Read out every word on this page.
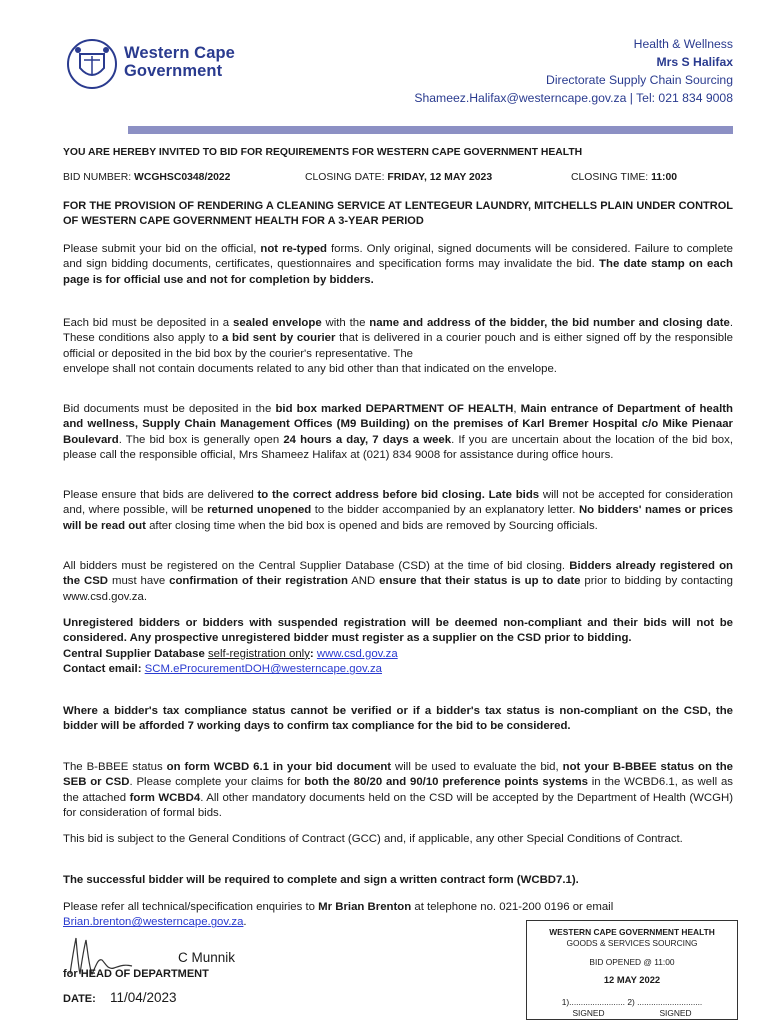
Western Cape
Government
Health & Wellness
Mrs S Halifax
Directorate Supply Chain Sourcing
Shameez.Halifax@westerncape.gov.za | Tel: 021 834 9008
YOU ARE HEREBY INVITED TO BID FOR REQUIREMENTS FOR WESTERN CAPE GOVERNMENT HEALTH
BID NUMBER: WCGHSC0348/2022	CLOSING DATE: FRIDAY, 12 MAY 2023	CLOSING TIME: 11:00
FOR THE PROVISION OF RENDERING A CLEANING SERVICE AT LENTEGEUR LAUNDRY, MITCHELLS PLAIN UNDER CONTROL OF WESTERN CAPE GOVERNMENT HEALTH FOR A 3-YEAR PERIOD
Please submit your bid on the official, not re-typed forms. Only original, signed documents will be considered. Failure to complete and sign bidding documents, certificates, questionnaires and specification forms may invalidate the bid. The date stamp on each page is for official use and not for completion by bidders.
Each bid must be deposited in a sealed envelope with the name and address of the bidder, the bid number and closing date. These conditions also apply to a bid sent by courier that is delivered in a courier pouch and is either signed off by the responsible official or deposited in the bid box by the courier's representative. The
envelope shall not contain documents related to any bid other than that indicated on the envelope.
Bid documents must be deposited in the bid box marked DEPARTMENT OF HEALTH, Main entrance of Department of health and wellness, Supply Chain Management Offices (M9 Building) on the premises of Karl Bremer Hospital c/o Mike Pienaar Boulevard. The bid box is generally open 24 hours a day, 7 days a week. If you are uncertain about the location of the bid box, please call the responsible official, Mrs Shameez Halifax at (021) 834 9008 for assistance during office hours.
Please ensure that bids are delivered to the correct address before bid closing. Late bids will not be accepted for consideration and, where possible, will be returned unopened to the bidder accompanied by an explanatory letter. No bidders' names or prices will be read out after closing time when the bid box is opened and bids are removed by Sourcing officials.
All bidders must be registered on the Central Supplier Database (CSD) at the time of bid closing. Bidders already registered on the CSD must have confirmation of their registration AND ensure that their status is up to date prior to bidding by contacting www.csd.gov.za.
Unregistered bidders or bidders with suspended registration will be deemed non-compliant and their bids will not be considered. Any prospective unregistered bidder must register as a supplier on the CSD prior to bidding.
Central Supplier Database self-registration only: www.csd.gov.za
Contact email: SCM.eProcurementDOH@westerncape.gov.za
Where a bidder's tax compliance status cannot be verified or if a bidder's tax status is non-compliant on the CSD, the bidder will be afforded 7 working days to confirm tax compliance for the bid to be considered.
The B-BBEE status on form WCBD 6.1 in your bid document will be used to evaluate the bid, not your B-BBEE status on the SEB or CSD. Please complete your claims for both the 80/20 and 90/10 preference points systems in the WCBD6.1, as well as the attached form WCBD4. All other mandatory documents held on the CSD will be accepted by the Department of Health (WCGH) for consideration of formal bids.
This bid is subject to the General Conditions of Contract (GCC) and, if applicable, any other Special Conditions of Contract.
The successful bidder will be required to complete and sign a written contract form (WCBD7.1).
Please refer all technical/specification enquiries to Mr Brian Brenton at telephone no. 021-200 0196 or email
Brian.brenton@westerncape.gov.za.
C Munnik
for HEAD OF DEPARTMENT
DATE: 11/04/2023
WESTERN CAPE GOVERNMENT HEALTH
GOODS & SERVICES SOURCING
BID OPENED @ 11:00
12 MAY 2022
1)........................ 2) ............................
SIGNED	SIGNED
